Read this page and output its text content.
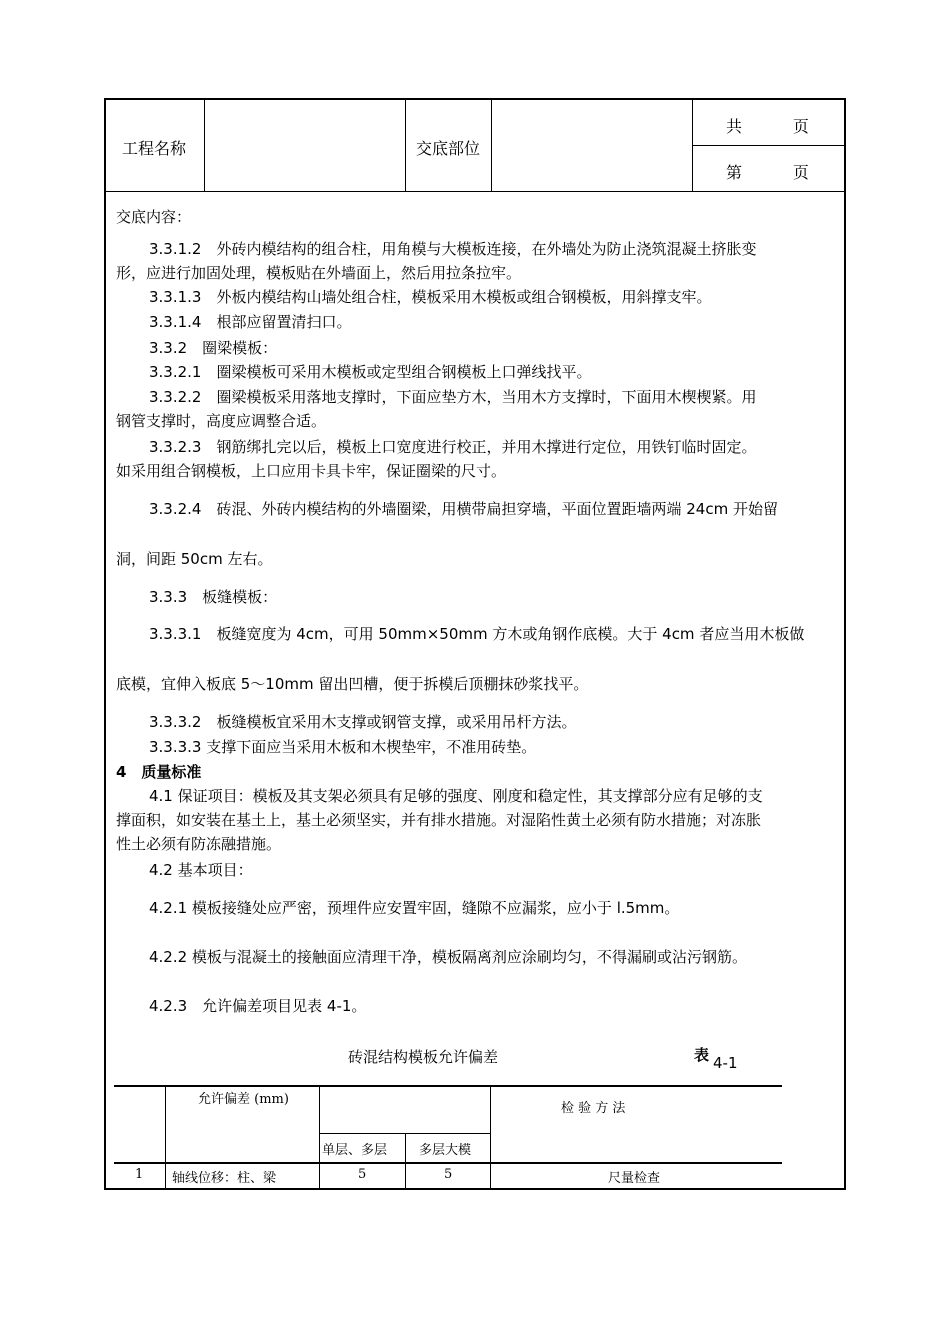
工程名称	交底部位
共          页
第          页
交底内容：
3.3.1.2　外砖内模结构的组合柱，用角模与大模板连接，在外墙处为防止浇筑混凝土挤胀变
形，应进行加固处理，模板贴在外墙面上，然后用拉条拉牢。
3.3.1.3　外板内模结构山墙处组合柱，模板采用木模板或组合钢模板，用斜撑支牢。
3.3.1.4　根部应留置清扫口。
3.3.2　圈梁模板：
3.3.2.1　圈梁模板可采用木模板或定型组合钢模板上口弹线找平。
3.3.2.2　圈梁模板采用落地支撑时，下面应垫方木，当用木方支撑时，下面用木楔楔紧。用
钢管支撑时，高度应调整合适。
3.3.2.3　钢筋绑扎完以后，模板上口宽度进行校正，并用木撑进行定位，用铁钉临时固定。
如采用组合钢模板，上口应用卡具卡牢，保证圈梁的尺寸。
3.3.2.4　砖混、外砖内模结构的外墙圈梁，用横带扁担穿墙，平面位置距墙两端 24cm 开始留
洞，间距 50cm 左右。
3.3.3　板缝模板：
3.3.3.1　板缝宽度为 4cm，可用 50mm×50mm 方木或角钢作底模。大于 4cm 者应当用木板做
底模，宜伸入板底 5～10mm 留出凹槽，便于拆模后顶棚抹砂浆找平。
3.3.3.2　板缝模板宜采用木支撑或钢管支撑，或采用吊杆方法。
3.3.3.3 支撑下面应当采用木板和木楔垫牢，不准用砖垫。
4　质量标准
4.1 保证项目：模板及其支架必须具有足够的强度、刚度和稳定性，其支撑部分应有足够的支
撑面积，如安装在基土上，基土必须坚实，并有排水措施。对湿陷性黄土必须有防水措施；对冻胀
性土必须有防冻融措施。
4.2 基本项目：
4.2.1 模板接缝处应严密，预埋件应安置牢固，缝隙不应漏浆，应小于 l.5mm。
4.2.2 模板与混凝土的接触面应清理干净，模板隔离剂应涂刷均匀，不得漏刷或沾污钢筋。
4.2.3　允许偏差项目见表 4-1。
砖混结构模板允许偏差	表 4-1
允许偏差 (mm)
检 验 方 法
单层、多层 多层大模
1 轴线位移：柱、梁	5	5	尺量检查
